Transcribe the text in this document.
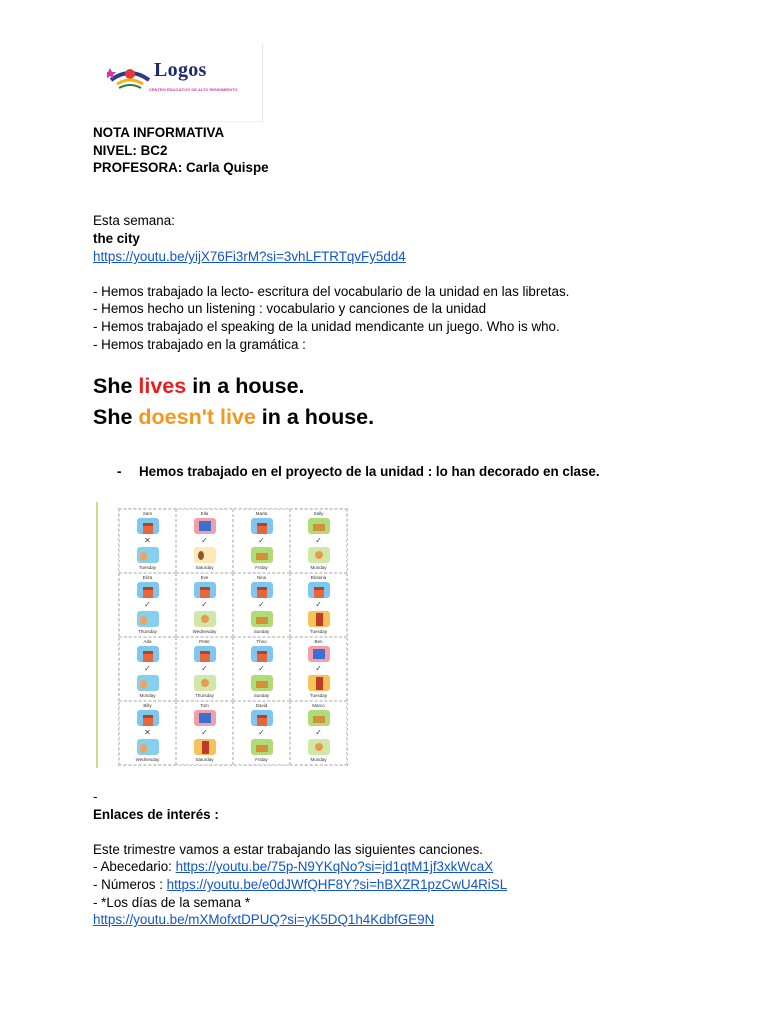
Logos
CENTRO EDUCATIVO DE ALTO RENDIMIENTO
NOTA INFORMATIVA
NIVEL: BC2
PROFESORA: Carla Quispe
Esta semana:
the city
https://youtu.be/yijX76Fi3rM?si=3vhLFTRTqvFy5dd4
- Hemos trabajado la lecto- escritura del vocabulario de la unidad en las libretas.
- Hemos hecho un listening : vocabulario y canciones de la unidad
- Hemos trabajado el speaking de la unidad mendicante un juego. Who is who.
- Hemos trabajado en la gramática :
She lives in a house.
She doesn't live in a house.
- Hemos trabajado en el proyecto de la unidad : lo han decorado en clase.
Sam
✕
Tuesday
Ella
✓
Saturday
Marta
✓
Friday
Sally
✓
Monday
Eliza
✓
Thursday
Eve
✓
Wednesday
Nina
✓
Sunday
Brianna
✓
Tuesday
Ada
✓
Monday
Peter
✓
Thursday
Theo
✓
Sunday
Ben
✓
Tuesday
Billy
✕
Wednesday
Tom
✓
Saturday
David
✓
Friday
Marco
✓
Monday
-
Enlaces de interés :
Este trimestre vamos a estar trabajando las siguientes canciones.
- Abecedario: https://youtu.be/75p-N9YKqNo?si=jd1qtM1jf3xkWcaX
- Números : https://youtu.be/e0dJWfQHF8Y?si=hBXZR1pzCwU4RiSL
- *Los días de la semana *
https://youtu.be/mXMofxtDPUQ?si=yK5DQ1h4KdbfGE9N
